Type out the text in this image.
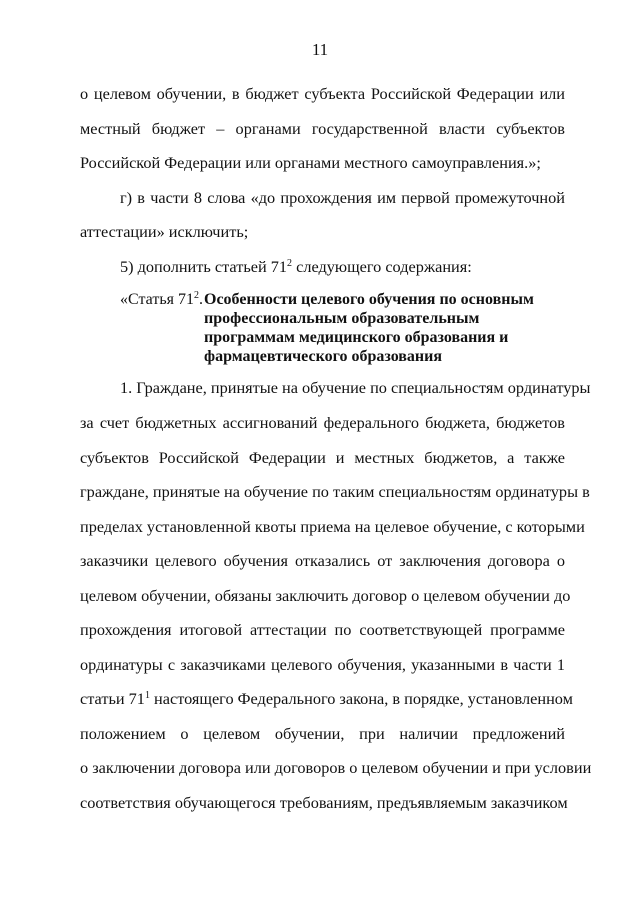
11
о целевом обучении, в бюджет субъекта Российской Федерации или
местный бюджет – органами государственной власти субъектов
Российской Федерации или органами местного самоуправления.»;
г) в части 8 слова «до прохождения им первой промежуточной
аттестации» исключить;
5) дополнить статьей $71^2$ следующего содержания:
«Статья $71^2$. Особенности целевого обучения по основным профессиональным образовательным программам медицинского образования и фармацевтического образования
1. Граждане, принятые на обучение по специальностям ординатуры
за счет бюджетных ассигнований федерального бюджета, бюджетов
субъектов Российской Федерации и местных бюджетов, а также
граждане, принятые на обучение по таким специальностям ординатуры в
пределах установленной квоты приема на целевое обучение, с которыми
заказчики целевого обучения отказались от заключения договора о
целевом обучении, обязаны заключить договор о целевом обучении до
прохождения итоговой аттестации по соответствующей программе
ординатуры с заказчиками целевого обучения, указанными в части 1
статьи $71^1$ настоящего Федерального закона, в порядке, установленном
положением о целевом обучении, при наличии предложений
о заключении договора или договоров о целевом обучении и при условии
соответствия обучающегося требованиям, предъявляемым заказчиком
